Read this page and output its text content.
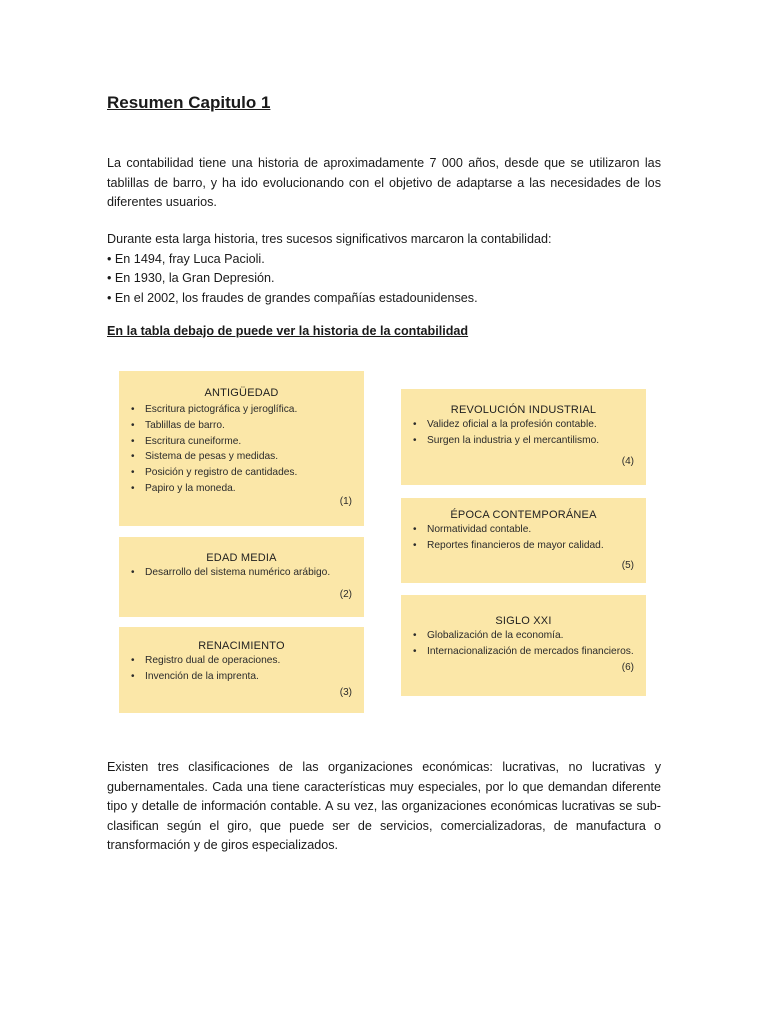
Resumen Capitulo 1

La contabilidad tiene una historia de aproximadamente 7 000 años, desde que se utilizaron las tablillas de barro, y ha ido evolucionando con el objetivo de adaptarse a las necesidades de los diferentes usuarios.

Durante esta larga historia, tres sucesos significativos marcaron la contabilidad:
• En 1494, fray Luca Pacioli.
• En 1930, la Gran Depresión.
• En el 2002, los fraudes de grandes compañías estadounidenses.

En la tabla debajo de puede ver la historia de la contabilidad

ANTIGÜEDAD
• Escritura pictográfica y jeroglífica.
• Tablillas de barro.
• Escritura cuneiforme.
• Sistema de pesas y medidas.
• Posición y registro de cantidades.
• Papiro y la moneda.
(1)
EDAD MEDIA
• Desarrollo del sistema numérico arábigo.
(2)
RENACIMIENTO
• Registro dual de operaciones.
• Invención de la imprenta.
(3)
REVOLUCIÓN INDUSTRIAL
• Validez oficial a la profesión contable.
• Surgen la industria y el mercantilismo.
(4)
ÉPOCA CONTEMPORÁNEA
• Normatividad contable.
• Reportes financieros de mayor calidad.
(5)
SIGLO XXI
• Globalización de la economía.
• Internacionalización de mercados financieros.
(6)

Existen tres clasificaciones de las organizaciones económicas: lucrativas, no lucrativas y gubernamentales. Cada una tiene características muy especiales, por lo que demandan diferente tipo y detalle de información contable. A su vez, las organizaciones económicas lucrativas se sub-clasifican según el giro, que puede ser de servicios, comercializadoras, de manufactura o transformación y de giros especializados.
